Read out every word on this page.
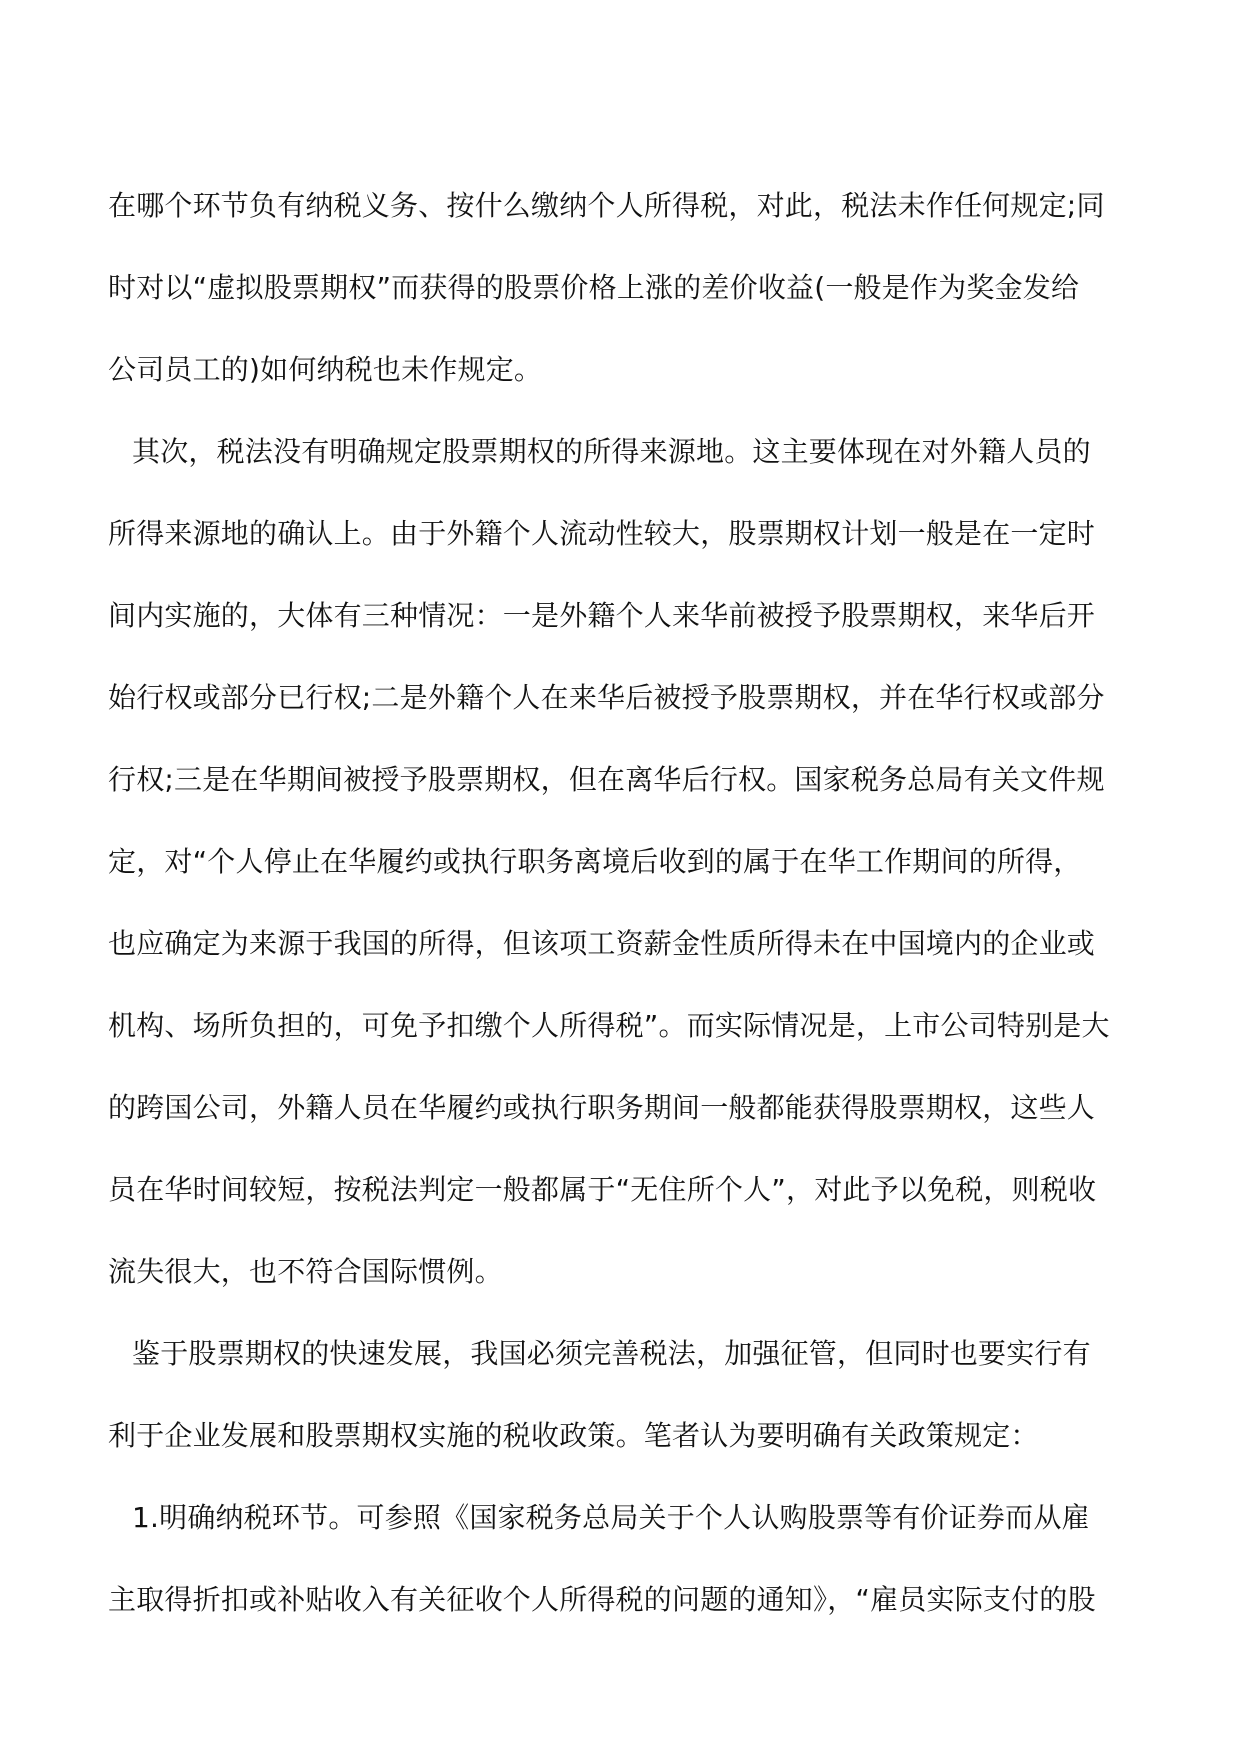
在哪个环节负有纳税义务、按什么缴纳个人所得税，对此，税法未作任何规定;同
时对以“虚拟股票期权”而获得的股票价格上涨的差价收益(一般是作为奖金发给
公司员工的)如何纳税也未作规定。
其次，税法没有明确规定股票期权的所得来源地。这主要体现在对外籍人员的
所得来源地的确认上。由于外籍个人流动性较大，股票期权计划一般是在一定时
间内实施的，大体有三种情况：一是外籍个人来华前被授予股票期权，来华后开
始行权或部分已行权;二是外籍个人在来华后被授予股票期权，并在华行权或部分
行权;三是在华期间被授予股票期权，但在离华后行权。国家税务总局有关文件规
定，对“个人停止在华履约或执行职务离境后收到的属于在华工作期间的所得，
也应确定为来源于我国的所得，但该项工资薪金性质所得未在中国境内的企业或
机构、场所负担的，可免予扣缴个人所得税”。而实际情况是，上市公司特别是大
的跨国公司，外籍人员在华履约或执行职务期间一般都能获得股票期权，这些人
员在华时间较短，按税法判定一般都属于“无住所个人”，对此予以免税，则税收
流失很大，也不符合国际惯例。
鉴于股票期权的快速发展，我国必须完善税法，加强征管，但同时也要实行有
利于企业发展和股票期权实施的税收政策。笔者认为要明确有关政策规定：
1.明确纳税环节。可参照《国家税务总局关于个人认购股票等有价证券而从雇
主取得折扣或补贴收入有关征收个人所得税的问题的通知》，“雇员实际支付的股
